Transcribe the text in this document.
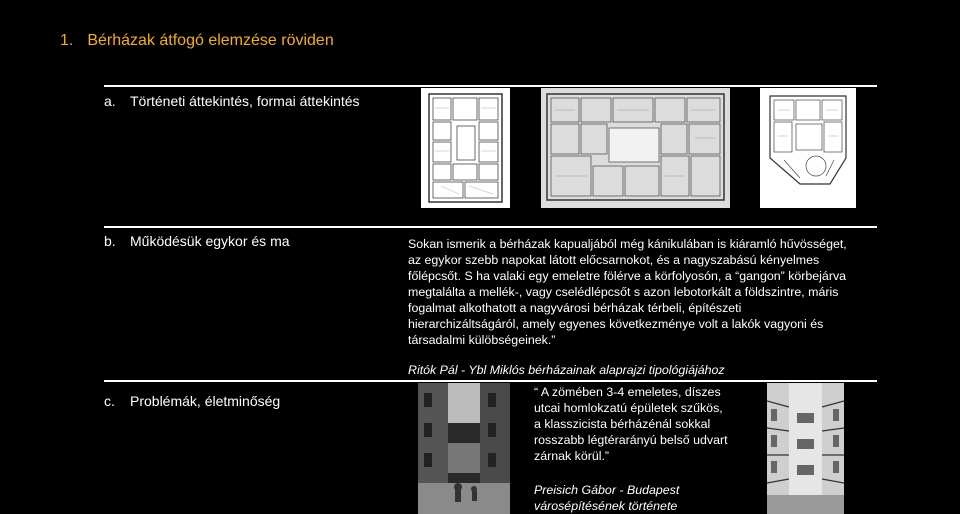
1. Bérházak átfogó elemzése röviden
a. Történeti áttekintés, formai áttekintés
b. Működésük egykor és ma	Sokan ismerik a bérházak kapualjából még kánikulában is kiáramló hűvösséget,
az egykor szebb napokat látott előcsarnokot, és a nagyszabású kényelmes
főlépcsőt. S ha valaki egy emeletre fölérve a körfolyosón, a “gangon” körbejárva
megtalálta a mellék-, vagy cselédlépcsőt s azon lebotorkált a földszintre, máris
fogalmat alkothatott a nagyvárosi bérházak térbeli, építészeti
hierarchizáltságáról, amely egyenes következménye volt a lakók vagyoni és
társadalmi külöbségeinek.”
Ritók Pál - Ybl Miklós bérházainak alaprajzi tipológiájához
c. Problémák, életminőség
“ A zömében 3-4 emeletes, díszes
utcai homlokzatú épületek szűkös,
a klasszicista bérházénál sokkal
rosszabb légtérarányú belső udvart
zárnak körül.”
Preisich Gábor - Budapest
városépítésének története
